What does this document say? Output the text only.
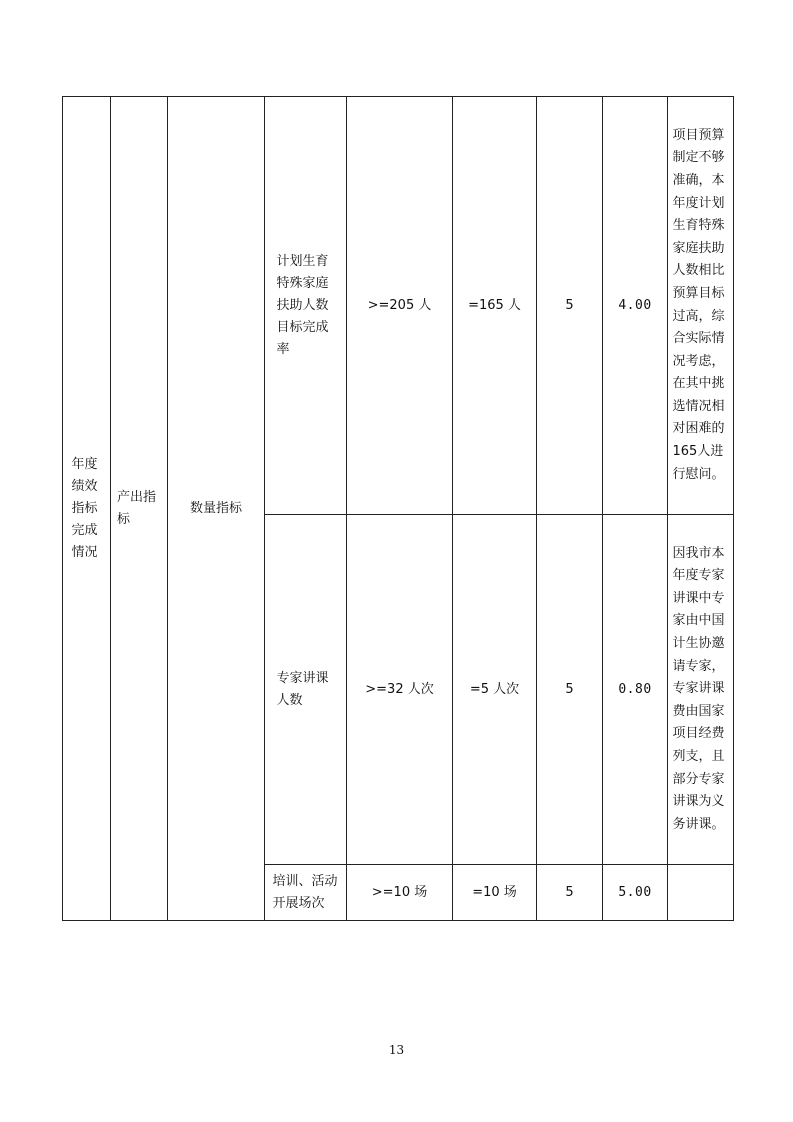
年度绩效指标完成情况	产出指标	数量指标	计划生育特殊家庭扶助人数目标完成率	>=205 人	=165 人	5	4.00	项目预算制定不够准确，本年度计划生育特殊家庭扶助人数相比预算目标过高，综合实际情况考虑，在其中挑选情况相对困难的165人进行慰问。
			专家讲课人数	>=32 人次	=5 人次	5	0.80	因我市本年度专家讲课中专家由中国计生协邀请专家，专家讲课费由国家项目经费列支，且部分专家讲课为义务讲课。
			培训、活动开展场次	>=10 场	=10 场	5	5.00	
13
